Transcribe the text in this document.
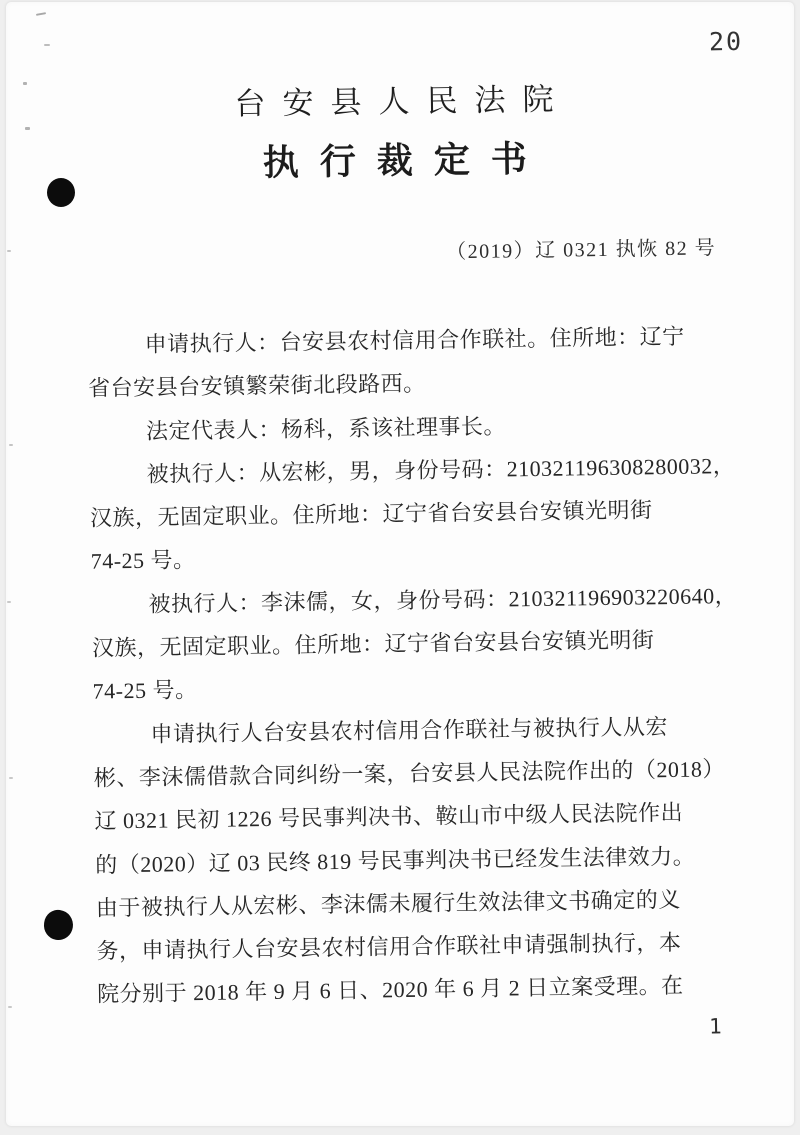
20
台安县人民法院
执行裁定书
（2019）辽 0321 执恢 82 号
申请执行人：台安县农村信用合作联社。住所地：辽宁
省台安县台安镇繁荣街北段路西。
法定代表人：杨科，系该社理事长。
被执行人：从宏彬，男，身份号码：210321196308280032，
汉族，无固定职业。住所地：辽宁省台安县台安镇光明街
74-25 号。
被执行人：李沫儒，女，身份号码：210321196903220640，
汉族，无固定职业。住所地：辽宁省台安县台安镇光明街
74-25 号。
申请执行人台安县农村信用合作联社与被执行人从宏
彬、李沫儒借款合同纠纷一案，台安县人民法院作出的（2018）
辽 0321 民初 1226 号民事判决书、鞍山市中级人民法院作出
的（2020）辽 03 民终 819 号民事判决书已经发生法律效力。
由于被执行人从宏彬、李沫儒未履行生效法律文书确定的义
务，申请执行人台安县农村信用合作联社申请强制执行，本
院分别于 2018 年 9 月 6 日、2020 年 6 月 2 日立案受理。在
1
